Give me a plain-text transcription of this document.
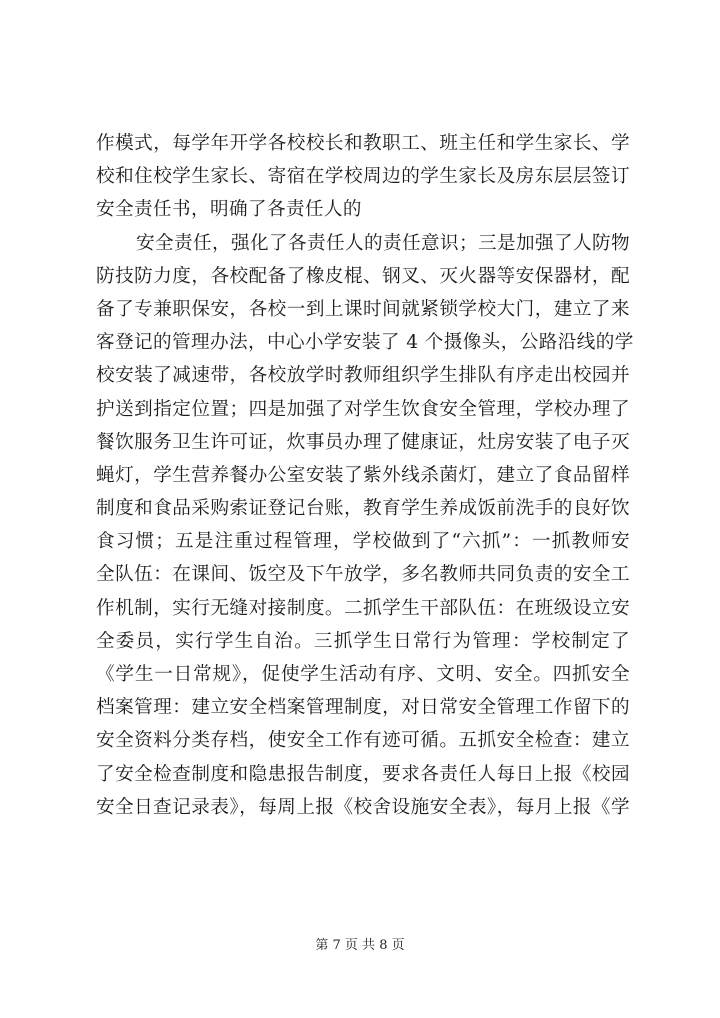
作模式，每学年开学各校校长和教职工、班主任和学生家长、学
校和住校学生家长、寄宿在学校周边的学生家长及房东层层签订
安全责任书，明确了各责任人的
安全责任，强化了各责任人的责任意识；三是加强了人防物
防技防力度，各校配备了橡皮棍、钢叉、灭火器等安保器材，配
备了专兼职保安，各校一到上课时间就紧锁学校大门，建立了来
客登记的管理办法，中心小学安装了 4 个摄像头，公路沿线的学
校安装了减速带，各校放学时教师组织学生排队有序走出校园并
护送到指定位置；四是加强了对学生饮食安全管理，学校办理了
餐饮服务卫生许可证，炊事员办理了健康证，灶房安装了电子灭
蝇灯，学生营养餐办公室安装了紫外线杀菌灯，建立了食品留样
制度和食品采购索证登记台账，教育学生养成饭前洗手的良好饮
食习惯；五是注重过程管理，学校做到了“六抓”：一抓教师安
全队伍：在课间、饭空及下午放学，多名教师共同负责的安全工
作机制，实行无缝对接制度。二抓学生干部队伍：在班级设立安
全委员，实行学生自治。三抓学生日常行为管理：学校制定了
《学生一日常规》，促使学生活动有序、文明、安全。四抓安全
档案管理：建立安全档案管理制度，对日常安全管理工作留下的
安全资料分类存档，使安全工作有迹可循。五抓安全检查：建立
了安全检查制度和隐患报告制度，要求各责任人每日上报《校园
安全日查记录表》，每周上报《校舍设施安全表》，每月上报《学
第 7 页 共 8 页
